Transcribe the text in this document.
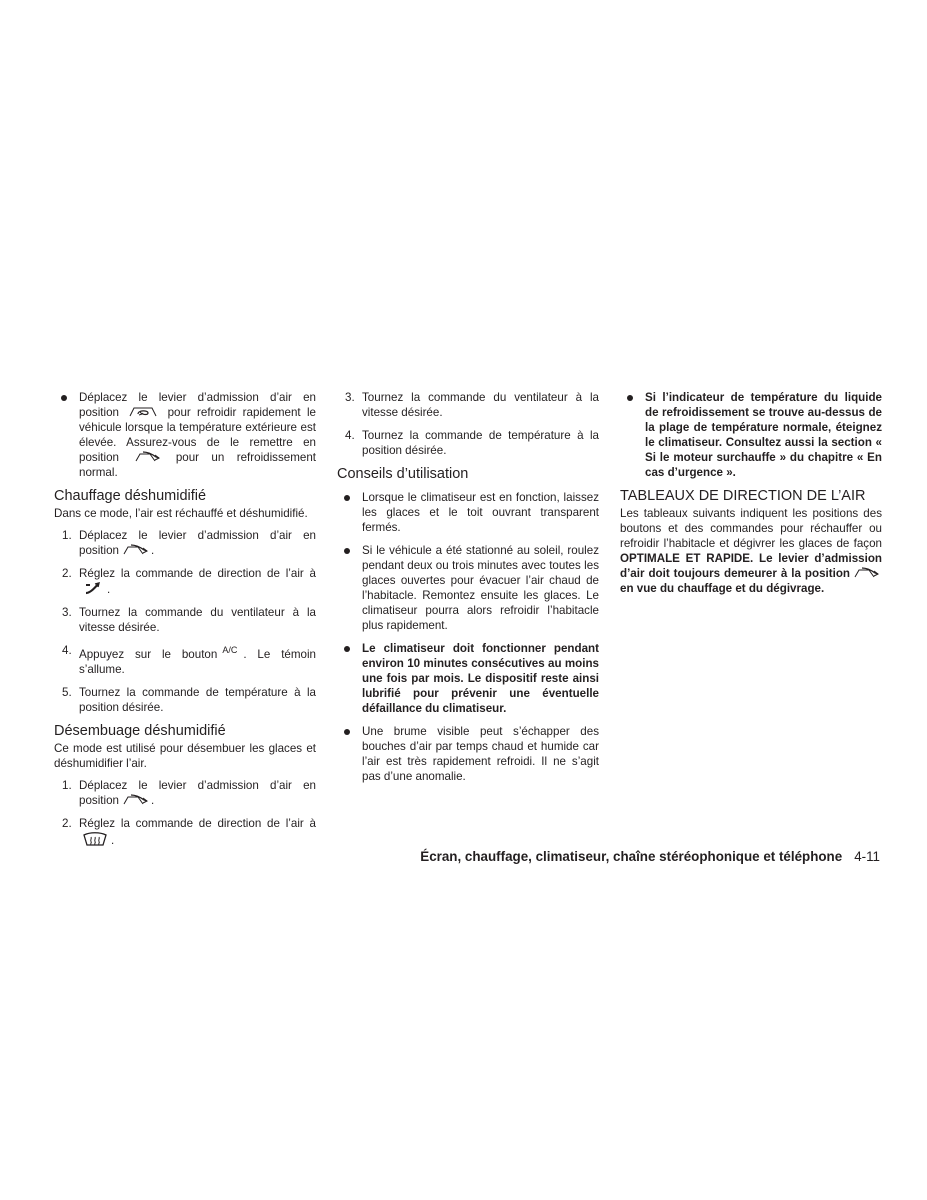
Déplacez le levier d’admission d’air en position	pour refroidir rapidement le véhicule lorsque la température extérieure est élevée. Assurez-vous de le remettre en position	pour un refroidissement normal.
Chauffage déshumidifié

Dans ce mode, l’air est réchauffé et déshumidifié.

1. Déplacez le levier d’admission d’air en position	.
2. Réglez la commande de direction de l’air à.
3. Tournez la commande du ventilateur à la vitesse désirée.
4. Appuyez sur le bouton $^{A/C}$ . Le témoin s’allume.
5. Tournez la commande de température à la position désirée.
Désembuage déshumidifié

Ce mode est utilisé pour désembuer les glaces et déshumidifier l’air.

1. Déplacez le levier d’admission d’air en position	.
2. Réglez la commande de direction de l’air à.
3. Tournez la commande du ventilateur à la vitesse désirée.
4. Tournez la commande de température à la position désirée.
Conseils d’utilisation
Lorsque le climatiseur est en fonction, laissez les glaces et le toit ouvrant transparent fermés.
Si le véhicule a été stationné au soleil, roulez pendant deux ou trois minutes avec toutes les glaces ouvertes pour évacuer l’air chaud de l’habitacle. Remontez ensuite les glaces. Le climatiseur pourra alors refroidir l’habitacle plus rapidement.
Le climatiseur doit fonctionner pendant environ 10 minutes consécutives au moins une fois par mois. Le dispositif reste ainsi lubrifié pour prévenir une éventuelle défaillance du climatiseur.
Une brume visible peut s’échapper des bouches d’air par temps chaud et humide car l’air est très rapidement refroidi. Il ne s’agit pas d’une anomalie.
Si l’indicateur de température du liquide de refroidissement se trouve au-dessus de la plage de température normale, éteignez le climatiseur. Consultez aussi la section « Si le moteur surchauffe » du chapitre « En cas d’urgence ».
TABLEAUX DE DIRECTION DE L’AIR

Les tableaux suivants indiquent les positions des boutons et des commandes pour réchauffer ou refroidir l’habitacle et dégivrer les glaces de façon OPTIMALE ET RAPIDE. Le levier d’admission d’air doit toujours demeurer à la positionen vue du chauffage et du dégivrage.

Écran, chauffage, climatiseur, chaîne stéréophonique et téléphone 4-11
